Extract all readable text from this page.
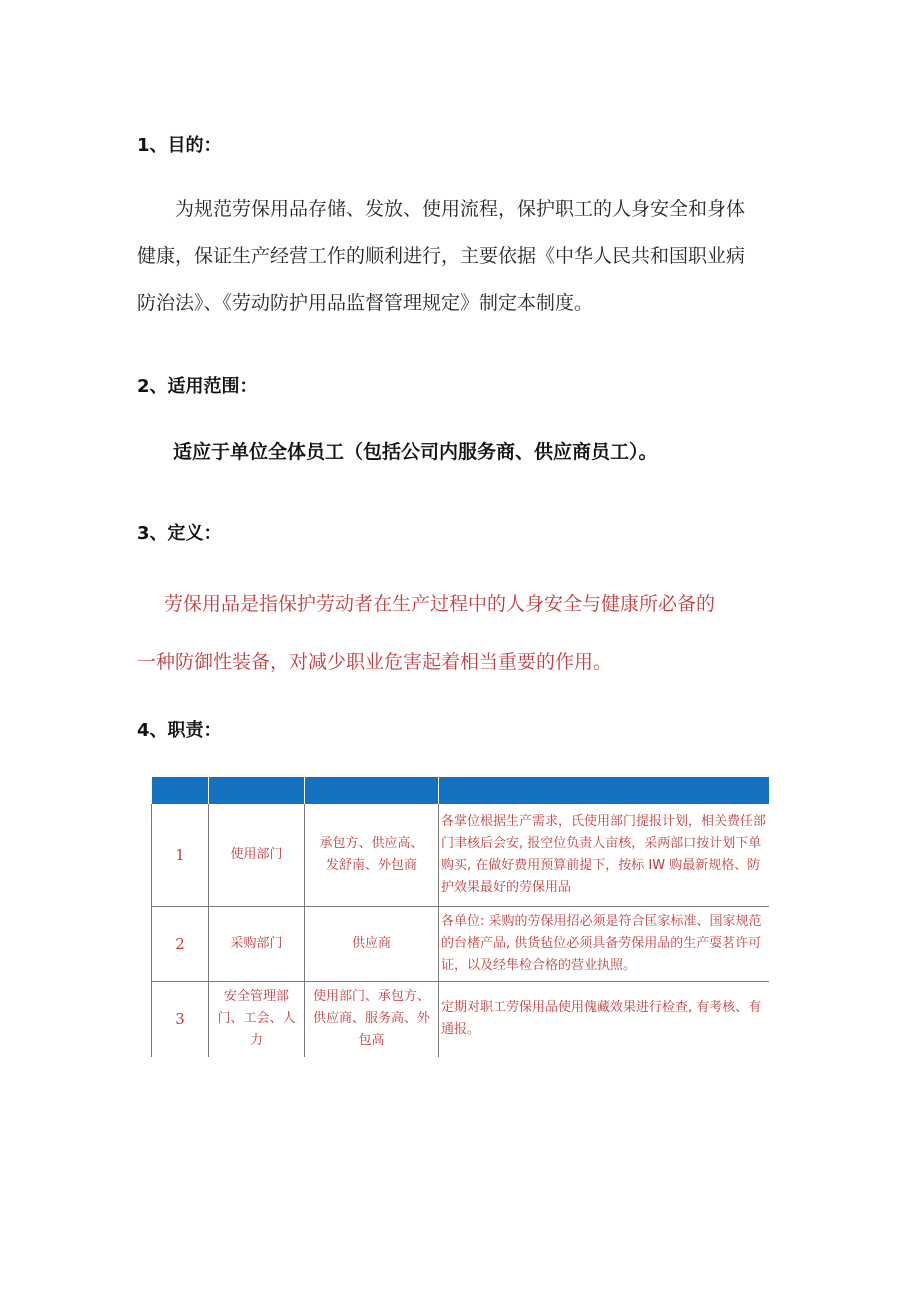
1、目的：

为规范劳保用品存储、发放、使用流程，保护职工的人身安全和身体

健康，保证生产经营工作的顺利进行，主要依据《中华人民共和国职业病

防治法》、《劳动防护用品监督管理规定》制定本制度。

2、适用范围：
适应于单位全体员工（包括公司内服务商、供应商员工）。
3、定义：
劳保用品是指保护劳动者在生产过程中的人身安全与健康所必备的
一种防御性装备，对减少职业危害起着相当重要的作用。
4、职责：

1	使用部门	承包方、供应高、
发舒南、外包商	各掌位根据生产需求，氏使用部门提报计划，相关费任部门聿核后会安, 报空位负责人亩核，采两部口按计划下单购买, 在做好费用预算前提下，按标 IW 购最新规格、防护效果最好的劳保用品
2	采购部门	供应商	各单位: 采购的劳保用招必须是符合匡家标准、国家规范的台楮产品, 供货毡位必须具备劳保用品的生产耍茗许可证，以及经隼检合格的营业执照。
3	安全管理部门、工会、人力	使用部门、承包方、供应商、服务高、外包高	定期对职工劳保用品使用傀藏效果进行检查, 有考核、有通报。
